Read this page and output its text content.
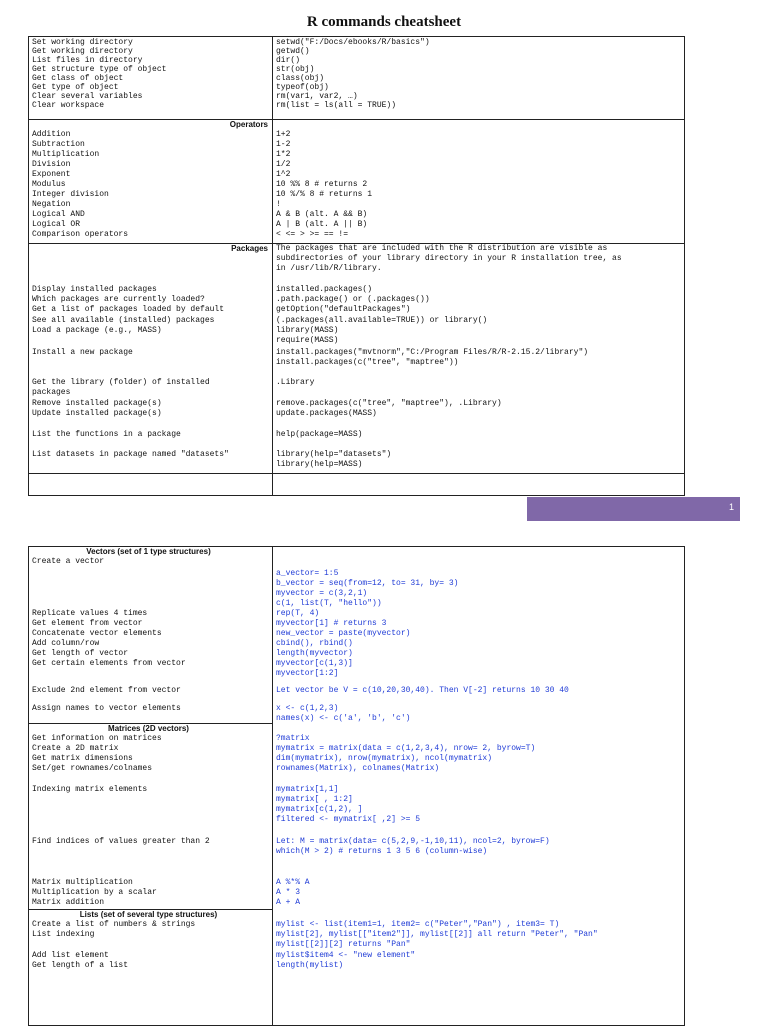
R commands cheatsheet
Set working directory	setwd("F:/Docs/ebooks/R/basics")
Get working directory	getwd()
List files in directory	dir()
Get structure type of object	str(obj)
Get class of object	class(obj)
Get type of object	typeof(obj)
Clear several variables	rm(var1, var2, …)
Clear workspace	rm(list = ls(all = TRUE))
Operators
Addition	1+2
Subtraction	1-2
Multiplication	1*2
Division	1/2
Exponent	1^2
Modulus	10 %% 8 # returns 2
Integer division	10 %/% 8 # returns 1
Negation	!
Logical AND	A & B (alt. A && B)
Logical OR	A | B (alt. A || B)
Comparison operators	< <= > >= == !=
Packages	The packages that are included with the R distribution are visible as
subdirectories of your library directory in your R installation tree, as
in /usr/lib/R/library.
Display installed packages	installed.packages()
Which packages are currently loaded?	.path.package() or (.packages())
Get a list of packages loaded by default	getOption("defaultPackages")
See all available (installed) packages	(.packages(all.available=TRUE)) or library()
Load a package (e.g., MASS)	library(MASS)
require(MASS)
Install a new package	install.packages("mvtnorm","C:/Program Files/R/R-2.15.2/library")
install.packages(c("tree", "maptree"))
Get the library (folder) of installed	.Library
packages
Remove installed package(s)	remove.packages(c("tree", "maptree"), .Library)
Update installed package(s)	update.packages(MASS)
List the functions in a package	help(package=MASS)
List datasets in package named "datasets"	library(help="datasets")
library(help=MASS)
1
Vectors (set of 1 type structures)
Create a vector
a_vector= 1:5
b_vector = seq(from=12, to= 31, by= 3)
myvector = c(3,2,1)
c(1, list(T, "hello"))
Replicate values 4 times	rep(T, 4)
Get element from vector	myvector[1] # returns 3
Concatenate vector elements	new_vector = paste(myvector)
Add column/row	cbind(), rbind()
Get length of vector	length(myvector)
Get certain elements from vector	myvector[c(1,3)]
myvector[1:2]
Exclude 2nd element from vector	Let vector be V = c(10,20,30,40). Then V[-2] returns 10 30 40
Assign names to vector elements	x <- c(1,2,3)
names(x) <- c('a', 'b', 'c')
Matrices (2D vectors)
Get information on matrices	?matrix
Create a 2D matrix	mymatrix = matrix(data = c(1,2,3,4), nrow= 2, byrow=T)
Get matrix dimensions	dim(mymatrix), nrow(mymatrix), ncol(mymatrix)
Set/get rownames/colnames	rownames(Matrix), colnames(Matrix)
Indexing matrix elements	mymatrix[1,1]
mymatrix[ , 1:2]
mymatrix[c(1,2), ]
filtered <- mymatrix[ ,2] >= 5
Find indices of values greater than 2	Let: M = matrix(data= c(5,2,9,-1,10,11), ncol=2, byrow=F)
which(M > 2) # returns 1 3 5 6 (column-wise)
Matrix multiplication	A %*% A
Multiplication by a scalar	A * 3
Matrix addition	A + A
Lists (set of several type structures)
Create a list of numbers & strings	mylist <- list(item1=1, item2= c("Peter","Pan") , item3= T)
List indexing	mylist[2], mylist[["item2"]], mylist[[2]] all return "Peter", "Pan"
mylist[[2]][2] returns "Pan"
Add list element	mylist$item4 <- "new element"
Get length of a list	length(mylist)
